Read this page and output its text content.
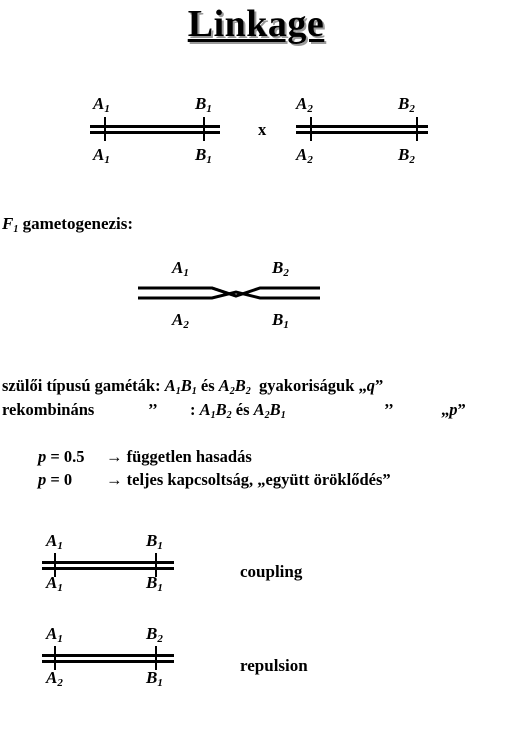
Linkage
$A_1$	$B_1$
$A_1$	$B_1$
x
$A_2$	$B_2$
$A_2$	$B_2$
$F_1$ gametogenezis:
$A_1$	$B_2$
$A_2$	$B_1$
szülői típusú gaméták: $A_1B_1$ és $A_2B_2$ gyakoriságuk „q”
rekombináns	’’ : $A_1B_2$ és $A_2B_1$	’’	„p”
p = 0.5 → független hasadás
p = 0 → teljes kapcsoltság, „együtt öröklődés”
$A_1$	$B_1$
$A_1$	$B_1$
coupling
$A_1$	$B_2$
$A_2$	$B_1$
repulsion
